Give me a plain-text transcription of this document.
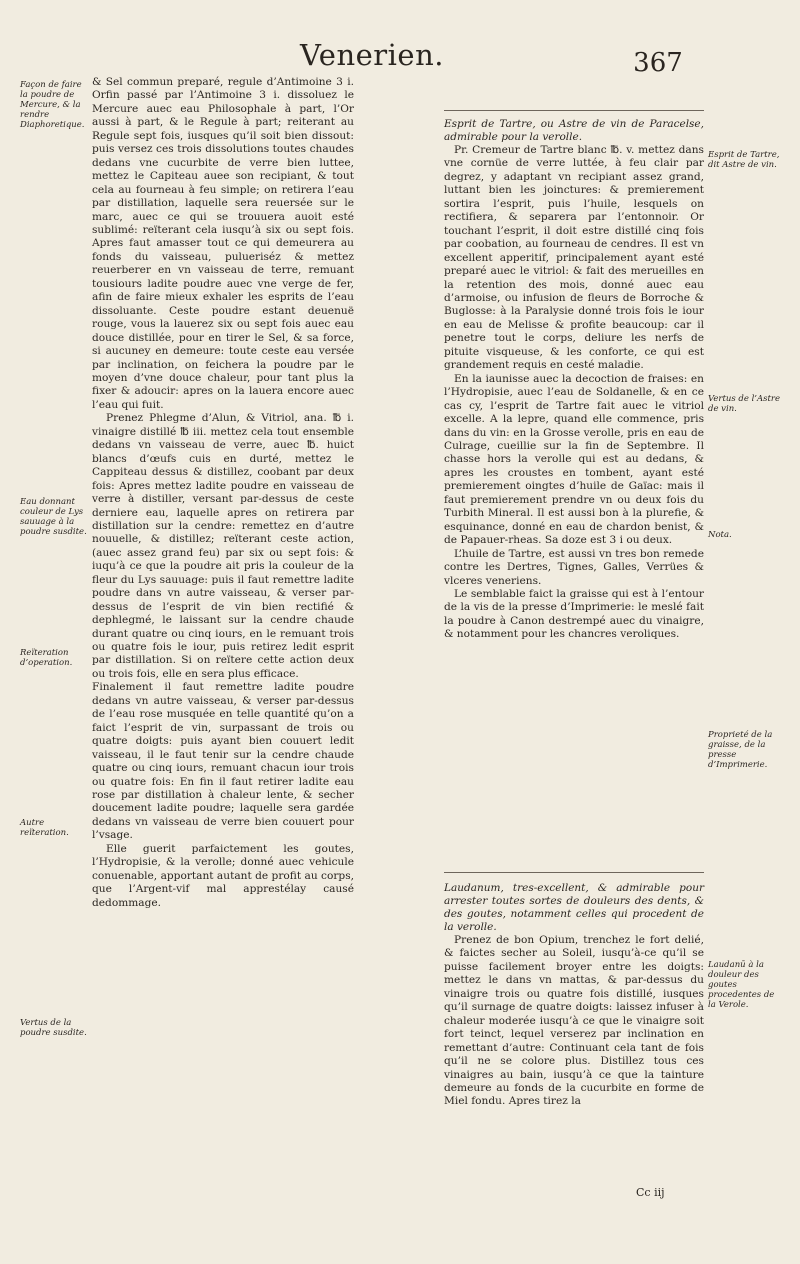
Venerien.	367
Façon de faire la poudre de Mercure, & la rendre Diaphoretique.
Eau donnant couleur de Lys sauuage à la poudre susdite.
Reïteration d’operation.
Autre reïteration.
Vertus de la poudre susdite.

& Sel commun preparé, regule d’Antimoine 3 i. Orfin passé par l’Antimoine 3 i. dissoluez le Mercure auec eau Philosophale à part, l’Or aussi à part, & le Regule à part; reiterant au Regule sept fois, iusques qu’il soit bien dissout: puis versez ces trois dissolutions toutes chaudes dedans vne cucurbite de verre bien luttee, mettez le Capiteau auee son recipiant, & tout cela au fourneau à feu simple; on retirera l’eau par distillation, laquelle sera reuersée sur le marc, auec ce qui se trouuera auoit esté sublimé: reïterant cela iusqu’à six ou sept fois. Apres faut amasser tout ce qui demeurera au fonds du vaisseau, pulueriséz & mettez reuerberer en vn vaisseau de terre, remuant tousiours ladite poudre auec vne verge de fer, afin de faire mieux exhaler les esprits de l’eau dissoluante. Ceste poudre estant deuenuë rouge, vous la lauerez six ou sept fois auec eau douce distillée, pour en tirer le Sel, & sa force, si aucuney en demeure: toute ceste eau versée par inclination, on feichera la poudre par le moyen d’vne douce chaleur, pour tant plus la fixer & adoucir: apres on la lauera encore auec l’eau qui fuit.

Prenez Phlegme d’Alun, & Vitriol, ana. ℔ i. vinaigre distillé ℔ iii. mettez cela tout ensemble dedans vn vaisseau de verre, auec ℔. huict blancs d’œufs cuis en durté, mettez le Cappiteau dessus & distillez, coobant par deux fois: Apres mettez ladite poudre en vaisseau de verre à distiller, versant par-dessus de ceste derniere eau, laquelle apres on retirera par distillation sur la cendre: remettez en d’autre nouuelle, & distillez; reïterant ceste action, (auec assez grand feu) par six ou sept fois: & iuqu’à ce que la poudre ait pris la couleur de la fleur du Lys sauuage: puis il faut remettre ladite poudre dans vn autre vaisseau, & verser par-dessus de l’esprit de vin bien rectifié & dephlegmé, le laissant sur la cendre chaude durant quatre ou cinq iours, en le remuant trois ou quatre fois le iour, puis retirez ledit esprit par distillation. Si on reïtere cette action deux ou trois fois, elle en sera plus efficace.

Finalement il faut remettre ladite poudre dedans vn autre vaisseau, & verser par-dessus de l’eau rose musquée en telle quantité qu’on a faict l’esprit de vin, surpassant de trois ou quatre doigts: puis ayant bien couuert ledit vaisseau, il le faut tenir sur la cendre chaude quatre ou cinq iours, remuant chacun iour trois ou quatre fois: En fin il faut retirer ladite eau rose par distillation à chaleur lente, & secher doucement ladite poudre; laquelle sera gardée dedans vn vaisseau de verre bien couuert pour l’vsage.

Elle guerit parfaictement les goutes, l’Hydropisie, & la verolle; donné auec vehicule conuenable, apportant autant de profit au corps, que l’Argent-vif mal apprestélay causé dedommage.

Esprit de Tartre, ou Astre de vin de Paracelse, admirable pour la verolle.

Pr. Cremeur de Tartre blanc ℔. v. mettez dans vne cornüe de verre luttée, à feu clair par degrez, y adaptant vn recipiant assez grand, luttant bien les joinctures: & premierement sortira l’esprit, puis l’huile, lesquels on rectifiera, & separera par l’entonnoir. Or touchant l’esprit, il doit estre distillé cinq fois par coobation, au fourneau de cendres. Il est vn excellent apperitif, principalement ayant esté preparé auec le vitriol: & fait des merueilles en la retention des mois, donné auec eau d’armoise, ou infusion de fleurs de Borroche & Buglosse: à la Paralysie donné trois fois le iour en eau de Melisse & profite beaucoup: car il penetre tout le corps, deliure les nerfs de pituite visqueuse, & les conforte, ce qui est grandement requis en cesté maladie.

En la iaunisse auec la decoction de fraises: en l’Hydropisie, auec l’eau de Soldanelle, & en ce cas cy, l’esprit de Tartre fait auec le vitriol excelle. A la lepre, quand elle commence, pris dans du vin: en la Grosse verolle, pris en eau de Culrage, cueillie sur la fin de Septembre. Il chasse hors la verolle qui est au dedans, & apres les croustes en tombent, ayant esté premierement oingtes d’huile de Gaïac: mais il faut premierement prendre vn ou deux fois du Turbith Mineral. Il est aussi bon à la plurefie, & esquinance, donné en eau de chardon benist, & de Papauer-rheas. Sa doze est 3 i ou deux.

L’huile de Tartre, est aussi vn tres bon remede contre les Dertres, Tignes, Galles, Verrües & vlceres veneriens.

Le semblable faict la graisse qui est à l’entour de la vis de la presse d’Imprimerie: le meslé fait la poudre à Canon destrempé auec du vinaigre, & notamment pour les chancres veroliques.

Laudanum, tres-excellent, & admirable pour arrester toutes sortes de douleurs des dents, & des goutes, notamment celles qui procedent de la verolle.

Prenez de bon Opium, trenchez le fort delié, & faictes secher au Soleil, iusqu’à-ce qu’il se puisse facilement broyer entre les doigts: mettez le dans vn mattas, & par-dessus du vinaigre trois ou quatre fois distillé, iusques qu’il surnage de quatre doigts: laissez infuser à chaleur moderée iusqu’à ce que le vinaigre soit fort teinct, lequel verserez par inclination en remettant d’autre: Continuant cela tant de fois qu’il ne se colore plus. Distillez tous ces vinaigres au bain, iusqu’à ce que la tainture demeure au fonds de la cucurbite en forme de Miel fondu. Apres tirez la

Esprit de Tartre, dit Astre de vin.
Vertus de l’Astre de vin.
Nota.
Proprieté de la graisse, de la presse d’Imprimerie.
Laudanū à la douleur des goutes procedentes de la Verole.
Cc iij
